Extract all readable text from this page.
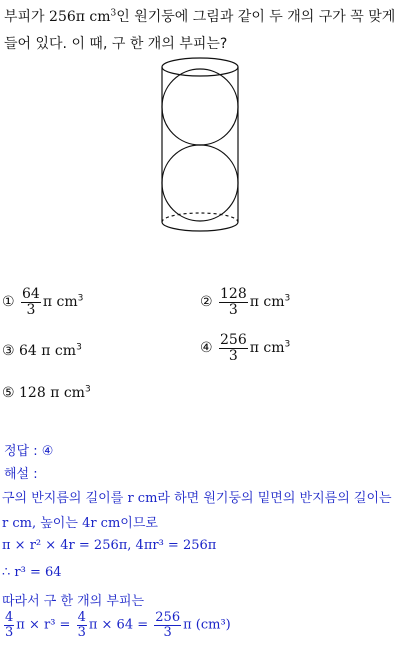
부피가 256π $cm^3$인 원기둥에 그림과 같이 두 개의 구가 꼭 맞게
들어 있다. 이 때, 구 한 개의 부피는?
① $\frac{64}{3}$ π $cm^3$	② $\frac{128}{3}$ π $cm^3$
③ 64 π $cm^3$	④ $\frac{256}{3}$ π $cm^3$
⑤ 128 π $cm^3$
정답 : ④
해설 :
구의 반지름의 길이를 r cm라 하면 원기둥의 밑면의 반지름의 길이는
r cm, 높이는 4r cm이므로
π × r² × 4r = 256π, 4πr³ = 256π
∴ r³ = 64
따라서 구 한 개의 부피는
$\frac{4}{3}$ $\pi \times r^3 = \frac{4}{3}$ $\pi \times 64 = \frac{256}{3}$ π (cm³)
